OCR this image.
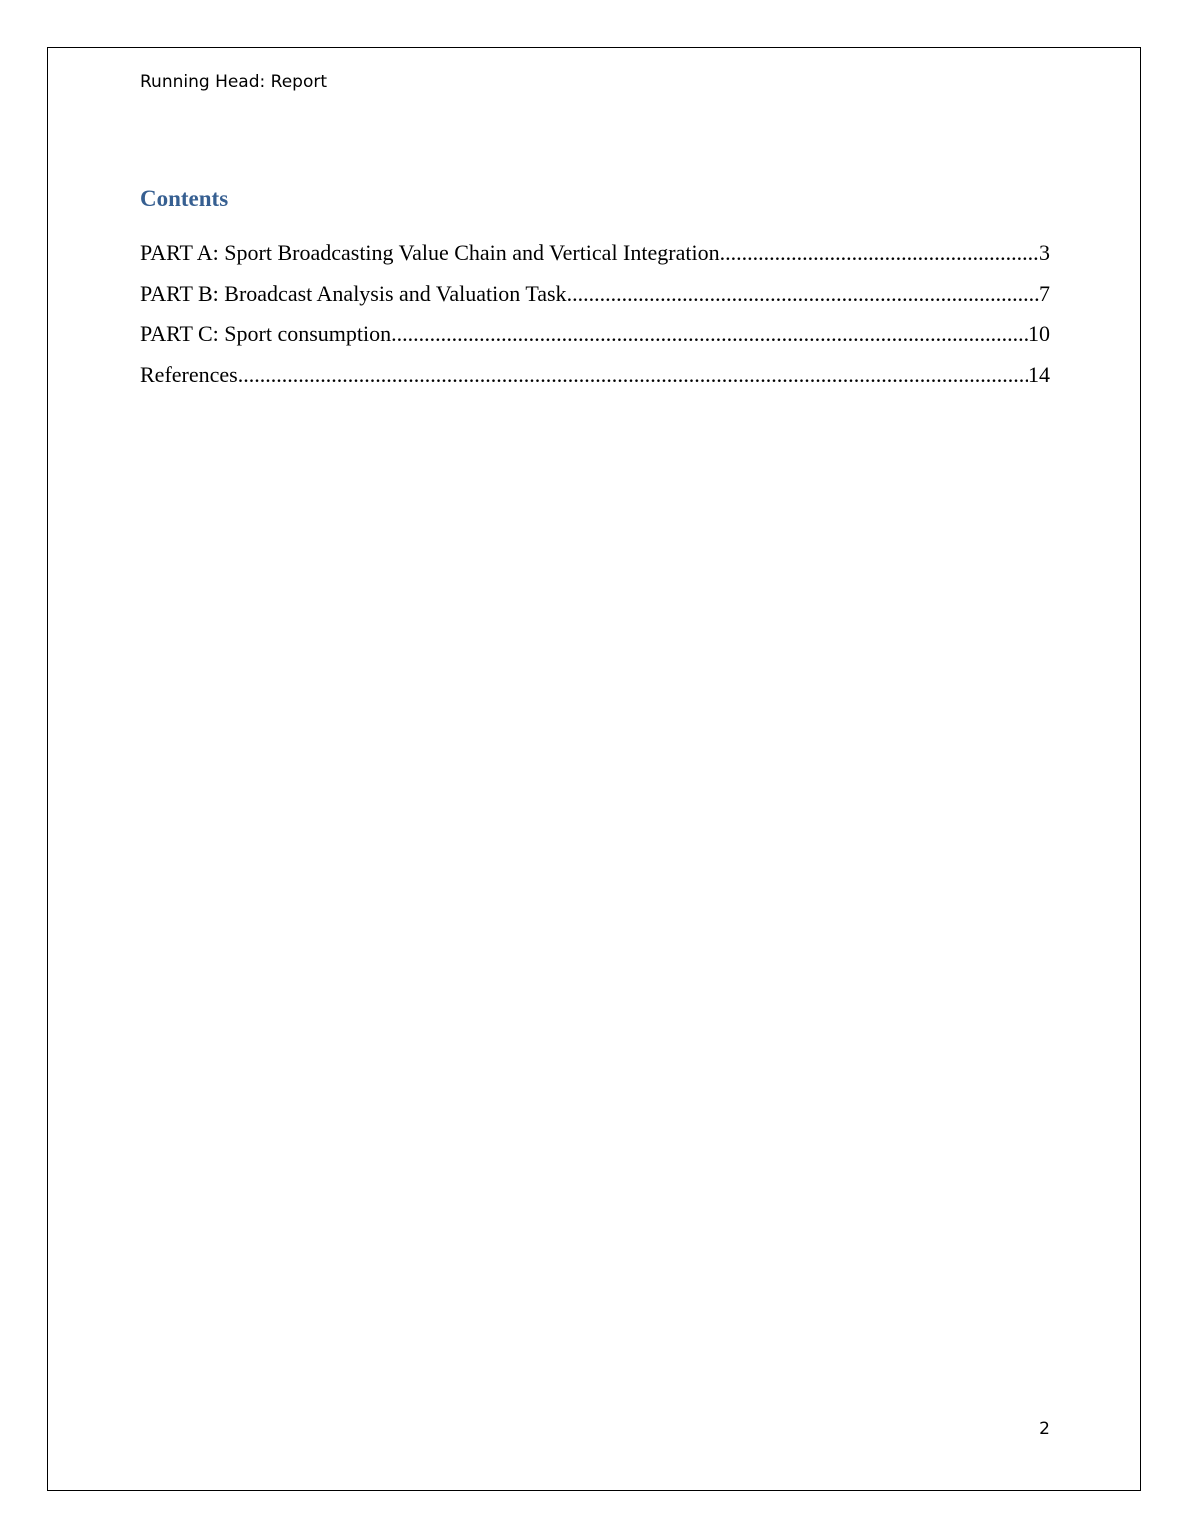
Running Head: Report
Contents
PART A: Sport Broadcasting Value Chain and Vertical Integration .....	3
PART B: Broadcast Analysis and Valuation Task .....	7
PART C: Sport consumption .....	10
References .....	14
2
